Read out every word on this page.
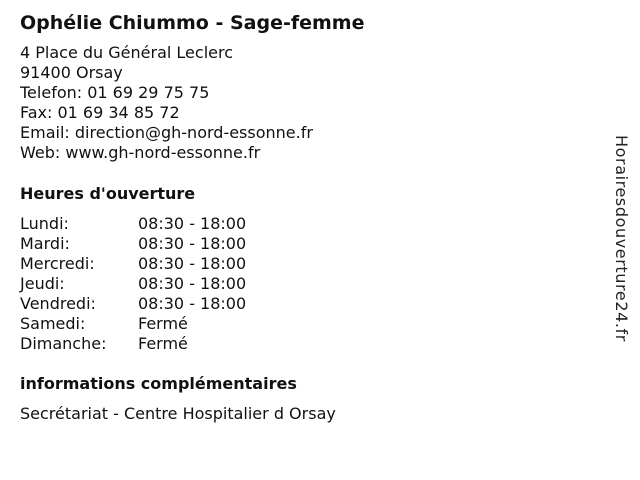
Ophélie Chiummo - Sage-femme
4 Place du Général Leclerc
91400 Orsay
Telefon: 01 69 29 75 75
Fax: 01 69 34 85 72
Email: direction@gh-nord-essonne.fr
Web: www.gh-nord-essonne.fr
Heures d'ouverture
Lundi:	08:30 - 18:00
Mardi:	08:30 - 18:00
Mercredi:	08:30 - 18:00
Jeudi:	08:30 - 18:00
Vendredi:	08:30 - 18:00
Samedi:	Fermé
Dimanche: Fermé
informations complémentaires
Secrétariat - Centre Hospitalier d Orsay
Horairesdouverture24.fr
